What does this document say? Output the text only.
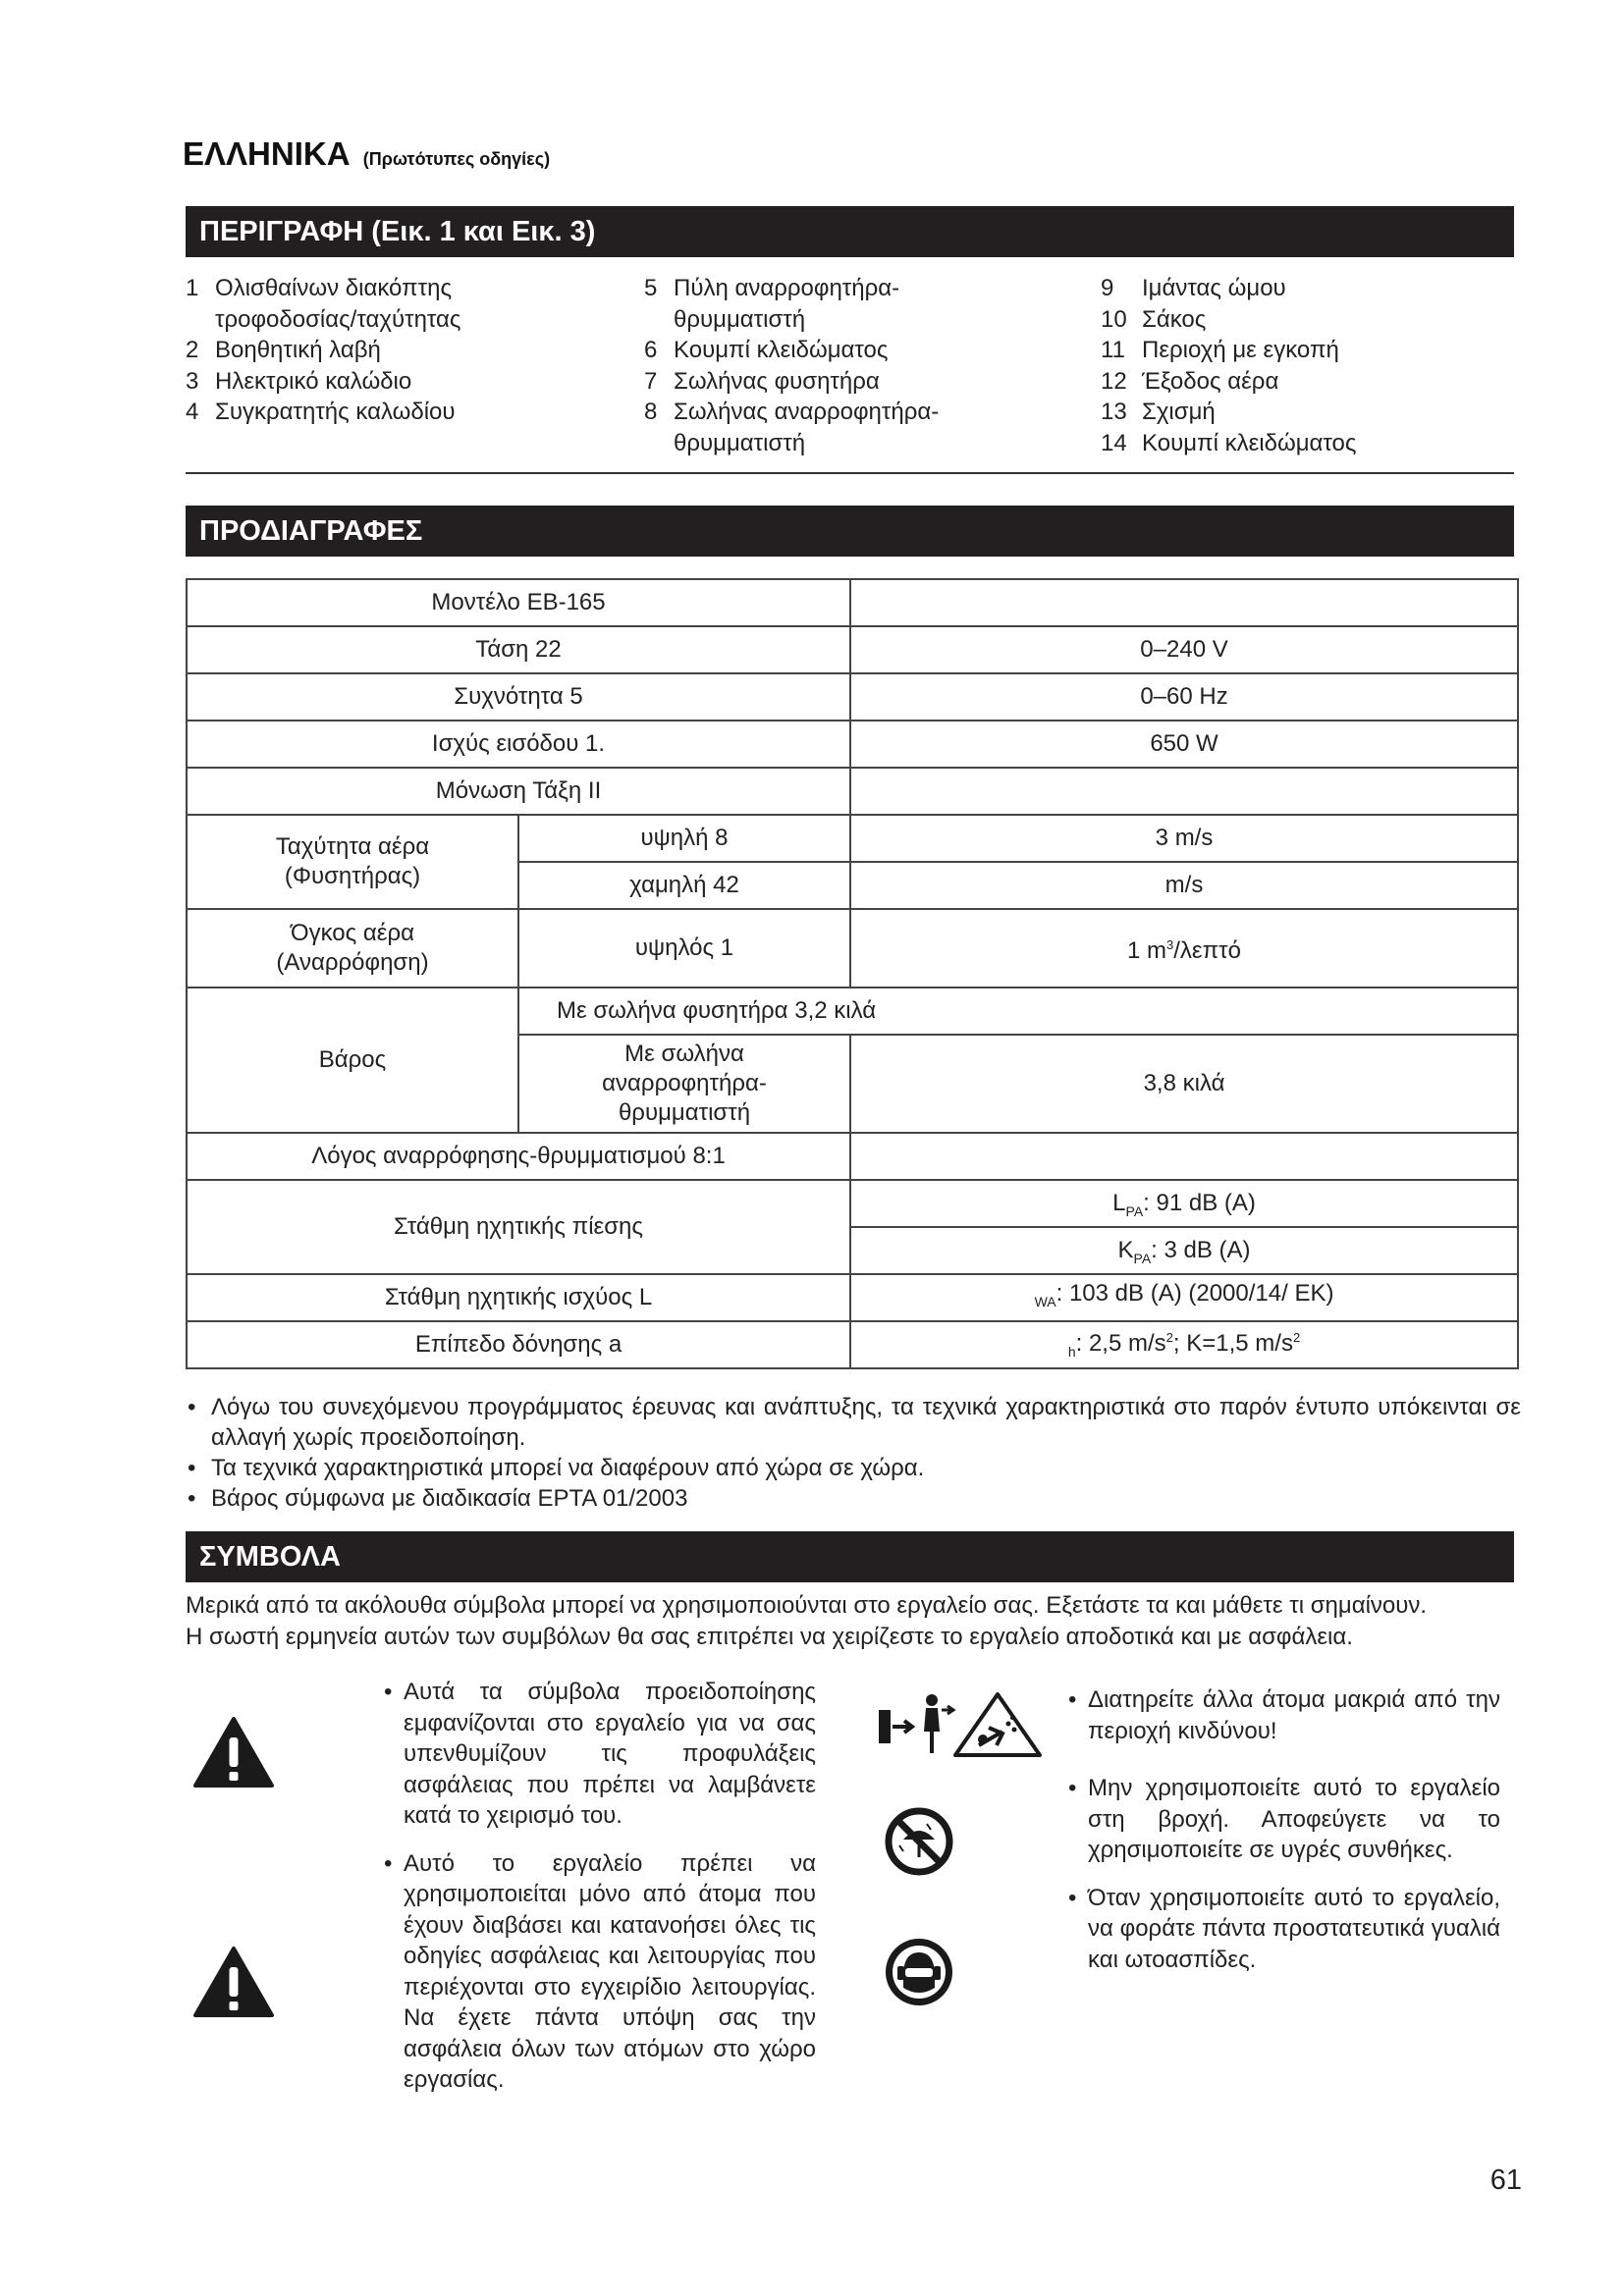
ΕΛΛΗΝΙΚΑ (Πρωτότυπες οδηγίες)
ΠΕΡΙΓΡΑΦΗ (Εικ. 1 και Εικ. 3)
1 Ολισθαίνων διακόπτης
τροφοδοσίας/ταχύτητας
2 Βοηθητική λαβή
3 Ηλεκτρικό καλώδιο
4 Συγκρατητής καλωδίου
5 Πύλη αναρροφητήρα-
θρυμματιστή
6 Κουμπί κλειδώματος
7 Σωλήνας φυσητήρα
8 Σωλήνας αναρροφητήρα-
θρυμματιστή
9 Ιμάντας ώμου
10 Σάκος
11 Περιοχή με εγκοπή
12 Έξοδος αέρα
13 Σχισμή
14 Κουμπί κλειδώματος
ΠΡΟΔΙΑΓΡΑΦΕΣ
Μοντέλο EB-165		
Τάση 22		0–240 V
Συχνότητα 5		0–60 Hz
Ισχύς εισόδου 1.		650 W
Μόνωση Τάξη II		

Ταχύτητα αέρα
(Φυσητήρας)	υψηλή 8	3 m/s
	χαμηλή 42	m/s

Όγκος αέρα
(Αναρρόφηση)	υψηλός 1	1 $m^3$/λεπτό
Βάρος	Με σωλήνα φυσητήρα 3,2 κιλά	

	Με σωλήνα
αναρροφητήρα-
θρυμματιστή	3,8 κιλά
Λόγος αναρρόφησης-θρυμματισμού 8:1		
Στάθμη ηχητικής πίεσης		$L_{PA}$: 91 dB (A)
$K_{PA}$: 3 dB (A)

Στάθμη ηχητικής ισχύος L		$_{WA}$: 103 dB (A) (2000/14/ ΕΚ)
Επίπεδο δόνησης a		$_h$: 2,5 $m/s^2$; K=1,5 $m/s^2$
• Λόγω του συνεχόμενου προγράμματος έρευνας και ανάπτυξης, τα τεχνικά χαρακτηριστικά στο παρόν έντυπο υπόκεινται σε αλλαγή χωρίς προειδοποίηση.
• Τα τεχνικά χαρακτηριστικά μπορεί να διαφέρουν από χώρα σε χώρα.
• Βάρος σύμφωνα με διαδικασία EPTA 01/2003
ΣΥΜΒΟΛΑ
Μερικά από τα ακόλουθα σύμβολα μπορεί να χρησιμοποιούνται στο εργαλείο σας. Εξετάστε τα και μάθετε τι σημαίνουν.
Η σωστή ερμηνεία αυτών των συμβόλων θα σας επιτρέπει να χειρίζεστε το εργαλείο αποδοτικά και με ασφάλεια.
• Αυτά τα σύμβολα προειδοποίησης εμφανίζονται στο εργαλείο για να σας υπενθυμίζουν τις προφυλάξεις ασφάλειας που πρέπει να λαμβάνετε κατά το χειρισμό του.
• Αυτό το εργαλείο πρέπει να χρησιμοποιείται μόνο από άτομα που έχουν διαβάσει και κατανοήσει όλες τις οδηγίες ασφάλειας και λειτουργίας που περιέχονται στο εγχειρίδιο λειτουργίας. Να έχετε πάντα υπόψη σας την ασφάλεια όλων των ατόμων στο χώρο εργασίας.
• Διατηρείτε άλλα άτομα μακριά από την περιοχή κινδύνου!
• Μην χρησιμοποιείτε αυτό το εργαλείο στη βροχή. Αποφεύγετε να το χρησιμοποιείτε σε υγρές συνθήκες.
• Όταν χρησιμοποιείτε αυτό το εργαλείο, να φοράτε πάντα προστατευτικά γυαλιά και ωτοασπίδες.
61
